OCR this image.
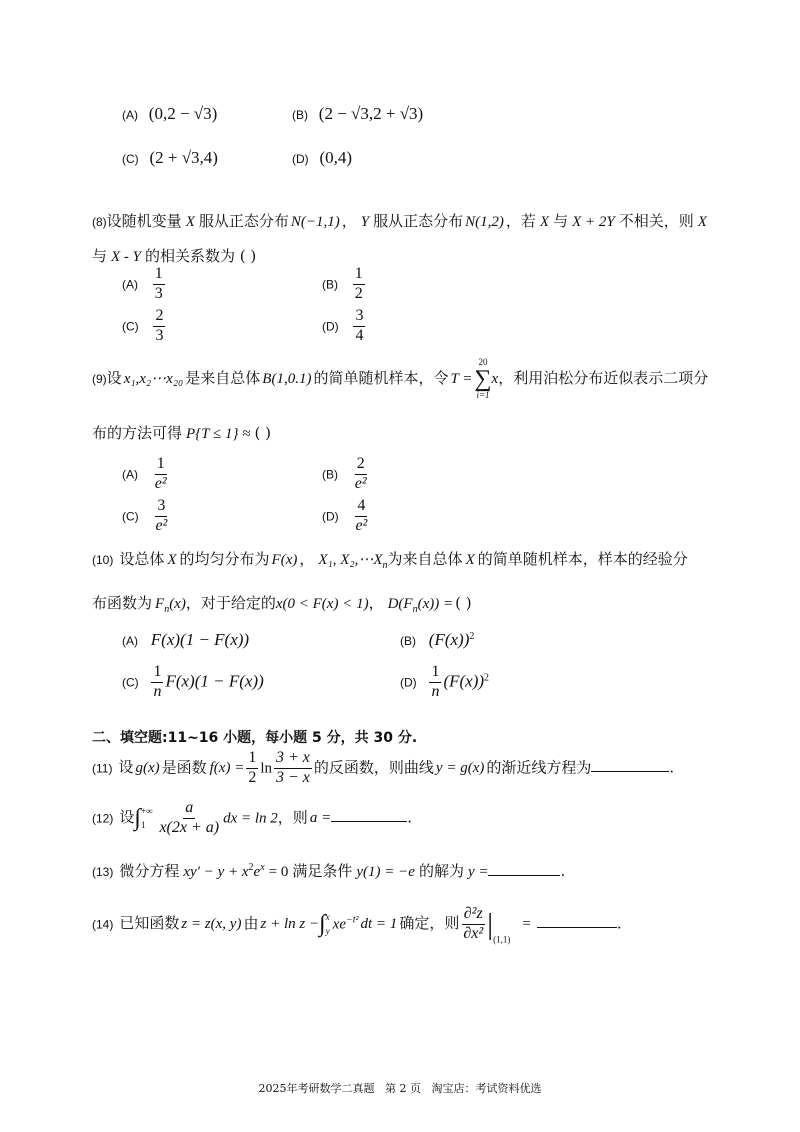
(A) (0,2 − √3)	(B) (2 − √3,2 + √3)
(C) (2 + √3,4)	(D) (0,4)
(8)设随机变量 X 服从正态分布 N(−1,1) ， Y 服从正态分布 N(1,2) ，若 X 与 X + 2Y 不相关，则 X
与 X - Y 的相关系数为 ( )
$(A) \frac{1}{3}$	$(B) \frac{1}{2}$
$(C) \frac{2}{3}$	$(D) \frac{3}{4}$
(9)设 x₁,x₂⋯x₂₀ 是来自总体 B(1,0.1) 的简单随机样本，令 T =
20
∑
i=1
x，利用泊松分布近似表示二项分
布的方法可得 P{T ≤ 1} ≈ ( )
$(A) \frac{1}{\text{e²}}$	$(B) \frac{2}{\text{e²}}$
$(C) \frac{3}{\text{e²}}$	$(D) \frac{4}{\text{e²}}$
(10) 设总体 X 的均匀分布为 F(x) ， X₁, $X_2,\cdots X_n$为来自总体 X 的简单随机样本，样本的经验分
布函数为 $F_n(x)$，对于给定的x(0 < F(x) < 1)， $D(F_n(x))$ = ( )
(A) F(x)(1 − F(x))	(B) $(F(x))^2$
$(C) \frac{1}{n} F(x)(1 - F(x))$	$(D) \frac{1}{n} (F(x))^2$
二、填空题:11~16 小题，每小题 5 分，共 30 分.
(11) 设 g(x) 是函数 $f(x) = \frac{1}{2}$ $\ln \frac{3 + x}{3 - x}$ 的反函数，则曲线 y = g(x) 的渐近线方程为	.
(12) 设∫ +∞
$1 \frac{a}{x(2x + a)}$ dx = ln 2，则 a =	.
(13) 微分方程 $xy' - y + x^2e^x = 0$ 满足条件 y(1) = −e 的解为 y =	.
(14) 已知函数 z = z(x, y) 由 z + ln z −∫ x
y $xe^{-t^2}$ dt = 1 确定，则 $\frac{\text{∂²z}}{\text{∂x²}} |_{(1,1)}=$	.
2025年考研数学二真题   第 2 页   淘宝店：考试资料优选
